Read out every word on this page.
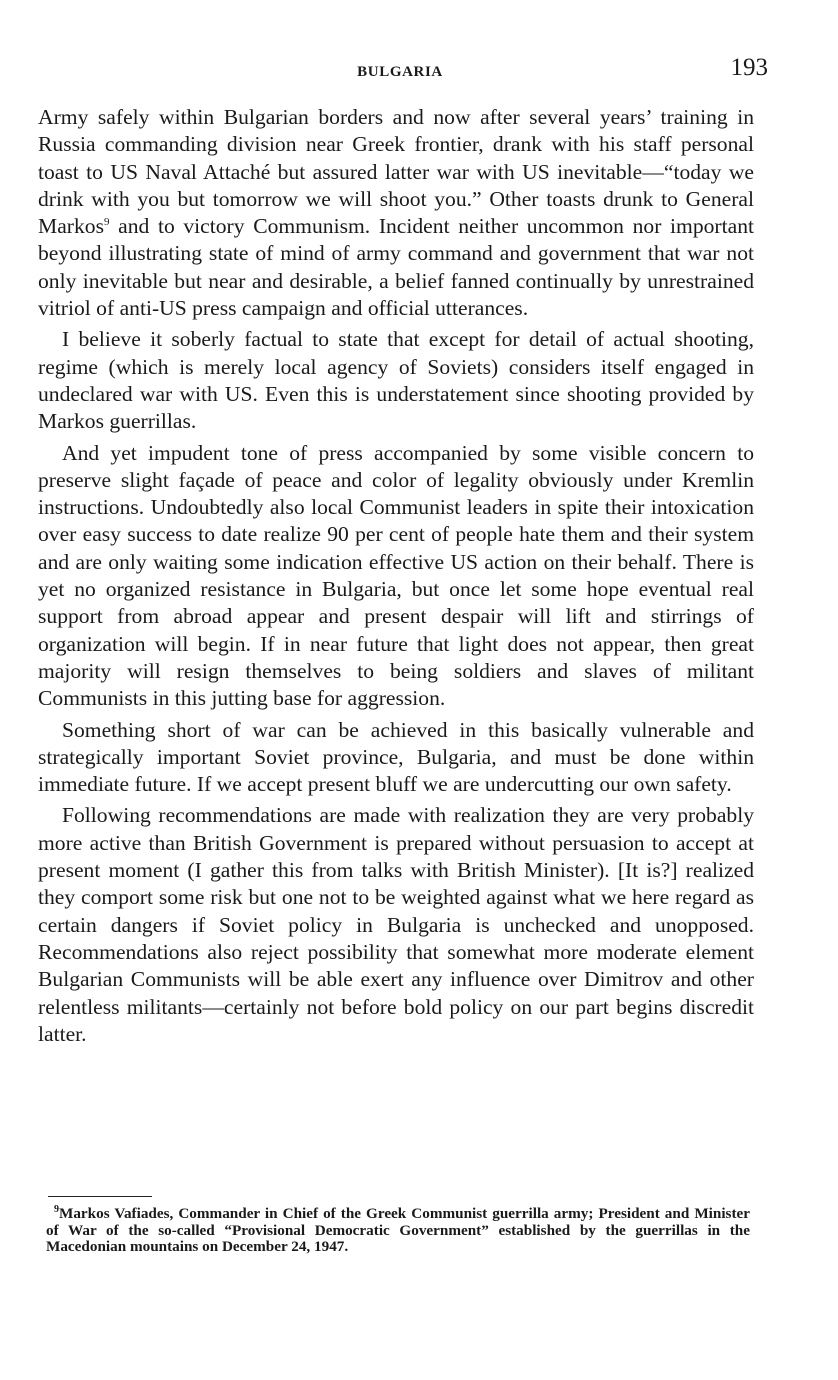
BULGARIA	193

Army safely within Bulgarian borders and now after several years’ training in Russia commanding division near Greek frontier, drank with his staff personal toast to US Naval Attaché but assured latter war with US inevitable—“today we drink with you but tomorrow we will shoot you.” Other toasts drunk to General Markos$^9$ and to victory Communism. Incident neither uncommon nor important beyond illustrating state of mind of army command and government that war not only inevitable but near and desirable, a belief fanned continually by unrestrained vitriol of anti-US press campaign and official utterances.

I believe it soberly factual to state that except for detail of actual shooting, regime (which is merely local agency of Soviets) considers itself engaged in undeclared war with US. Even this is understatement since shooting provided by Markos guerrillas.

And yet impudent tone of press accompanied by some visible concern to preserve slight façade of peace and color of legality obviously under Kremlin instructions. Undoubtedly also local Communist leaders in spite their intoxication over easy success to date realize 90 per cent of people hate them and their system and are only waiting some indication effective US action on their behalf. There is yet no organized resistance in Bulgaria, but once let some hope eventual real support from abroad appear and present despair will lift and stirrings of organization will begin. If in near future that light does not appear, then great majority will resign themselves to being soldiers and slaves of militant Communists in this jutting base for aggression.

Something short of war can be achieved in this basically vulnerable and strategically important Soviet province, Bulgaria, and must be done within immediate future. If we accept present bluff we are undercutting our own safety.

Following recommendations are made with realization they are very probably more active than British Government is prepared without persuasion to accept at present moment (I gather this from talks with British Minister). [It is?] realized they comport some risk but one not to be weighted against what we here regard as certain dangers if Soviet policy in Bulgaria is unchecked and unopposed. Recommendations also reject possibility that somewhat more moderate element Bulgarian Communists will be able exert any influence over Dimitrov and other relentless militants—certainly not before bold policy on our part begins discredit latter.

$^9$Markos Vafiades, Commander in Chief of the Greek Communist guerrilla army; President and Minister of War of the so-called “Provisional Democratic Government” established by the guerrillas in the Macedonian mountains on December 24, 1947.
